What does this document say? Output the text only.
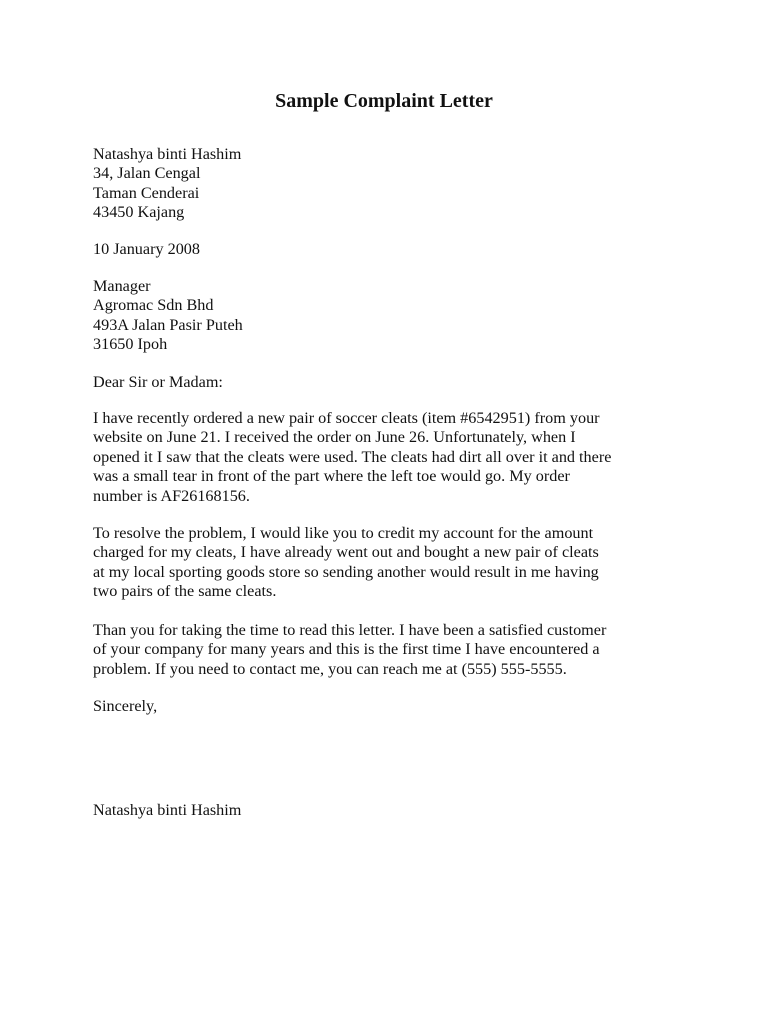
Sample Complaint Letter
Natashya binti Hashim
34, Jalan Cengal
Taman Cenderai
43450 Kajang
10 January 2008
Manager
Agromac Sdn Bhd
493A Jalan Pasir Puteh
31650 Ipoh
Dear Sir or Madam:
I have recently ordered a new pair of soccer cleats (item #6542951) from your
website on June 21. I received the order on June 26. Unfortunately, when I
opened it I saw that the cleats were used. The cleats had dirt all over it and there
was a small tear in front of the part where the left toe would go. My order
number is AF26168156.
To resolve the problem, I would like you to credit my account for the amount
charged for my cleats, I have already went out and bought a new pair of cleats
at my local sporting goods store so sending another would result in me having
two pairs of the same cleats.
Than you for taking the time to read this letter. I have been a satisfied customer
of your company for many years and this is the first time I have encountered a
problem. If you need to contact me, you can reach me at (555) 555-5555.
Sincerely,
Natashya binti Hashim
